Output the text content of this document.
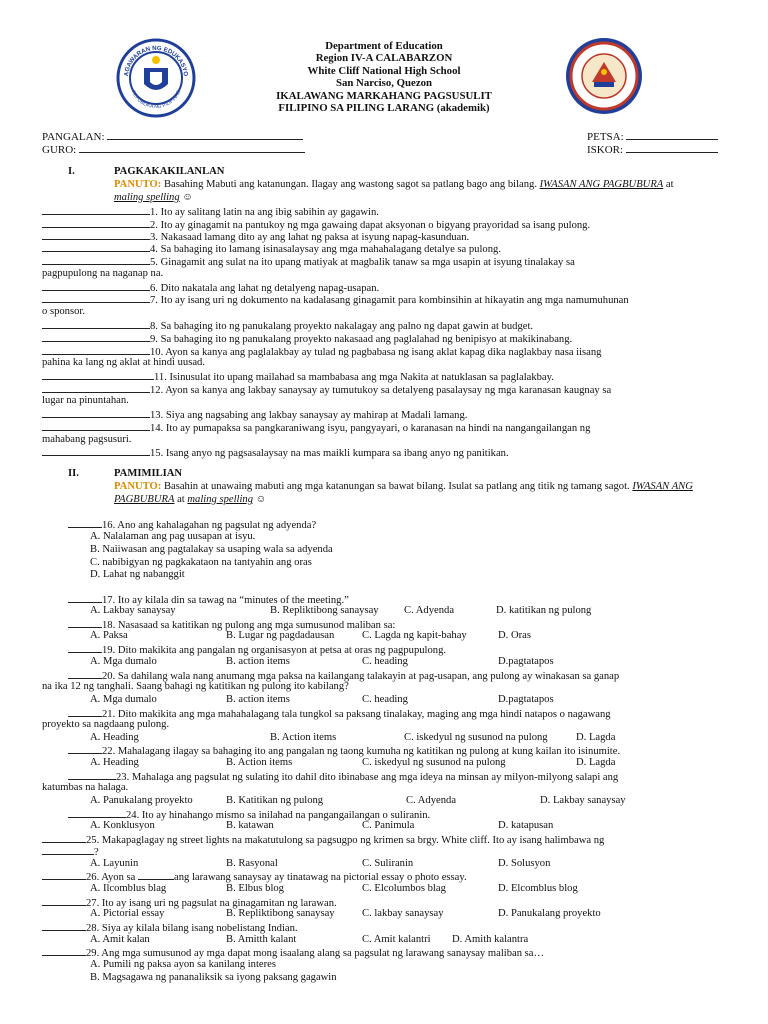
AGAWARAN NG EDUKASYO
REPUBLIKA NG PILIPINAS
Department of Education
Region IV-A CALABARZON
White Cliff National High School
San Narciso, Quezon
IKALAWANG MARKAHANG PAGSUSULIT
FILIPINO SA PILING LARANG (akademik)
PANGALAN:	PETSA:
GURO:	ISKOR:
I.	PAGKAKAKILANLAN
PANUTO: Basahing Mabuti ang katanungan. Ilagay ang wastong sagot sa patlang bago ang bilang. IWASAN ANG PAGBUBURA at maling spelling ☺
1. Ito ay salitang latin na ang ibig sabihin ay gagawin.
2. Ito ay ginagamit na pantukoy ng mga gawaing dapat aksyonan o bigyang prayoridad sa isang pulong.
3. Nakasaad lamang dito ay ang lahat ng paksa at isyung napag-kasunduan.
4. Sa bahaging ito lamang isinasalaysay ang mga mahahalagang detalye sa pulong.
5. Ginagamit ang sulat na ito upang matiyak at magbalik tanaw sa mga usapin at isyung tinalakay sa
pagpupulong na naganap na.
6. Dito nakatala ang lahat ng detalyeng napag-usapan.
7. Ito ay isang uri ng dokumento na kadalasang ginagamit para kombinsihin at hikayatin ang mga namumuhunan
o sponsor.
8. Sa bahaging ito ng panukalang proyekto nakalagay ang palno ng dapat gawin at budget.
9. Sa bahaging ito ng panukalang proyekto nakasaad ang paglalahad ng benipisyo at makikinabang.
10. Ayon sa kanya ang paglalakbay ay tulad ng pagbabasa ng isang aklat kapag dika naglakbay nasa iisang
pahina ka lang ng aklat at hindi uusad.
11. Isinusulat ito upang mailahad sa mambabasa ang mga Nakita at natuklasan sa paglalakbay.
12. Ayon sa kanya ang lakbay sanaysay ay tumutukoy sa detalyeng pasalaysay ng mga karanasan kaugnay sa
lugar na pinuntahan.
13. Siya ang nagsabing ang lakbay sanaysay ay mahirap at Madali lamang.
14. Ito ay pumapaksa sa pangkaraniwang isyu, pangyayari, o karanasan na hindi na nangangailangan ng
mahabang pagsusuri.
15. Isang anyo ng pagsasalaysay na mas maikli kumpara sa ibang anyo ng panitikan.
II.	PAMIMILIAN
PANUTO: Basahin at unawaing mabuti ang mga katanungan sa bawat bilang. Isulat sa patlang ang titik ng tamang sagot. IWASAN ANG PAGBUBURA at maling spelling ☺
16. Ano ang kahalagahan ng pagsulat ng adyenda?
A. Nalalaman ang pag uusapan at isyu.
B. Naiiwasan ang pagtalakay sa usaping wala sa adyenda
C. nabibigyan ng pagkakataon na tantyahin ang oras
D. Lahat ng nabanggit
17. Ito ay kilala din sa tawag na “minutes of the meeting.”
A. Lakbay sanaysay	B. Repliktibong sanaysay C. Adyenda	D. katitikan ng pulong
18. Nasasaad sa katitikan ng pulong ang mga sumusunod maliban sa:
A. Paksa	B. Lugar ng pagdadausan	C. Lagda ng kapit-bahay	D. Oras
19. Dito makikita ang pangalan ng organisasyon at petsa at oras ng pagpupulong.
A. Mga dumalo	B. action items	C. heading	D.pagtatapos
20. Sa dahilang wala nang anumang mga paksa na kailangang talakayin at pag-usapan, ang pulong ay winakasan sa ganap
na ika 12 ng tanghali. Saang bahagi ng katitikan ng pulong ito kabilang?
A. Mga dumalo	B. action items	C. heading	D.pagtatapos
21. Dito makikita ang mga mahahalagang tala tungkol sa paksang tinalakay, maging ang mga hindi natapos o nagawang
proyekto sa nagdaang pulong.
A. Heading	B. Action items	C. iskedyul ng susunod na pulong	D. Lagda
22. Mahalagang ilagay sa bahaging ito ang pangalan ng taong kumuha ng katitikan ng pulong at kung kailan ito isinumite.
A. Heading	B. Action items	C. iskedyul ng susunod na pulong	D. Lagda
23. Mahalaga ang pagsulat ng sulating ito dahil dito ibinabase ang mga ideya na minsan ay milyon-milyong salapi ang
katumbas na halaga.
A. Panukalang proyekto	B. Katitikan ng pulong	C. Adyenda	D. Lakbay sanaysay
24. Ito ay hinahango mismo sa inilahad na pangangailangan o suliranin.
A. Konklusyon	B. katawan	C. Panimula	D. katapusan
25. Makapaglagay ng street lights na makatutulong sa pagsugpo ng krimen sa brgy. White cliff. Ito ay isang halimbawa ng
?
A. Layunin	B. Rasyonal	C. Suliranin	D. Solusyon
26. Ayon sa	ang larawang sanaysay ay tinatawag na pictorial essay o photo essay.
A. Ilcomblus blag	B. Elbus blog	C. Elcolumbos blag	D. Elcomblus blog
27. Ito ay isang uri ng pagsulat na ginagamitan ng larawan.
A. Pictorial essay	B. Repliktibong sanaysay	C. lakbay sanaysay	D. Panukalang proyekto
28. Siya ay kilala bilang isang nobelistang Indian.
A. Amit kalan	B. Amitth kalant	C. Amit kalantri D. Amith kalantra
29. Ang mga sumusunod ay mga dapat mong isaalang alang sa pagsulat ng larawang sanaysay maliban sa…
A. Pumili ng paksa ayon sa kanilang interes
B. Magsagawa ng pananaliksik sa iyong paksang gagawin
